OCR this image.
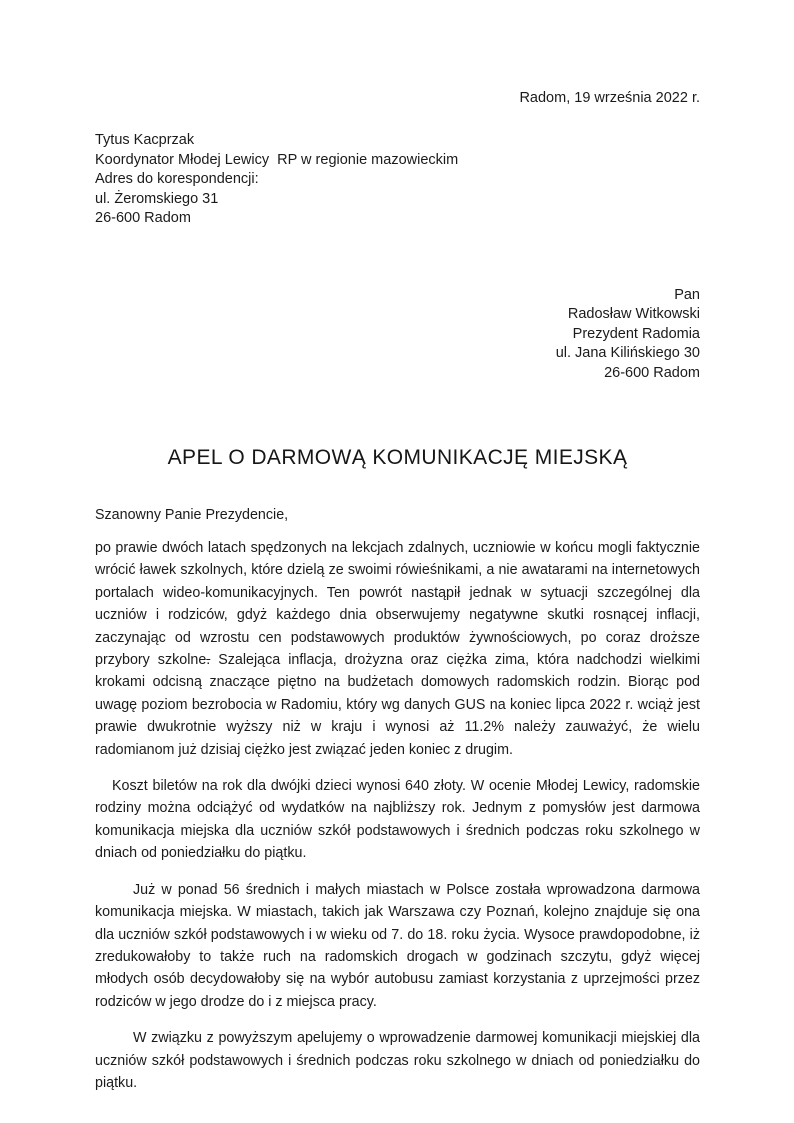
Radom, 19 września 2022 r.
Tytus Kacprzak
Koordynator Młodej Lewicy  RP w regionie mazowieckim
Adres do korespondencji:
ul. Żeromskiego 31
26-600 Radom
Pan
Radosław Witkowski
Prezydent Radomia
ul. Jana Kilińskiego 30
26-600 Radom
APEL O DARMOWĄ KOMUNIKACJĘ MIEJSKĄ
Szanowny Panie Prezydencie,

po prawie dwóch latach spędzonych na lekcjach zdalnych, uczniowie w końcu mogli faktycznie wrócić ławek szkolnych, które dzielą ze swoimi rówieśnikami, a nie awatarami na internetowych portalach wideo-komunikacyjnych. Ten powrót nastąpił jednak w sytuacji szczególnej dla uczniów i rodziców, gdyż każdego dnia obserwujemy negatywne skutki rosnącej inflacji, zaczynając od wzrostu cen podstawowych produktów żywnościowych, po coraz droższe przybory szkolne. Szalejąca inflacja, drożyzna oraz ciężka zima, która nadchodzi wielkimi krokami odcisną znaczące piętno na budżetach domowych radomskich rodzin. Biorąc pod uwagę poziom bezrobocia w Radomiu, który wg danych GUS na koniec lipca 2022 r. wciąż jest prawie dwukrotnie wyższy niż w kraju i wynosi aż 11.2% należy zauważyć, że wielu radomianom już dzisiaj ciężko jest związać jeden koniec z drugim.

Koszt biletów na rok dla dwójki dzieci wynosi 640 złoty. W ocenie Młodej Lewicy, radomskie rodziny można odciążyć od wydatków na najbliższy rok. Jednym z pomysłów jest darmowa komunikacja miejska dla uczniów szkół podstawowych i średnich podczas roku szkolnego w dniach od poniedziałku do piątku.

Już w ponad 56 średnich i małych miastach w Polsce została wprowadzona darmowa komunikacja miejska. W miastach, takich jak Warszawa czy Poznań, kolejno znajduje się ona dla uczniów szkół podstawowych i w wieku od 7. do 18. roku życia. Wysoce prawdopodobne, iż zredukowałoby to także ruch na radomskich drogach w godzinach szczytu, gdyż więcej młodych osób decydowałoby się na wybór autobusu zamiast korzystania z uprzejmości przez rodziców w jego drodze do i z miejsca pracy.

W związku z powyższym apelujemy o wprowadzenie darmowej komunikacji miejskiej dla uczniów szkół podstawowych i średnich podczas roku szkolnego w dniach od poniedziałku do piątku.
